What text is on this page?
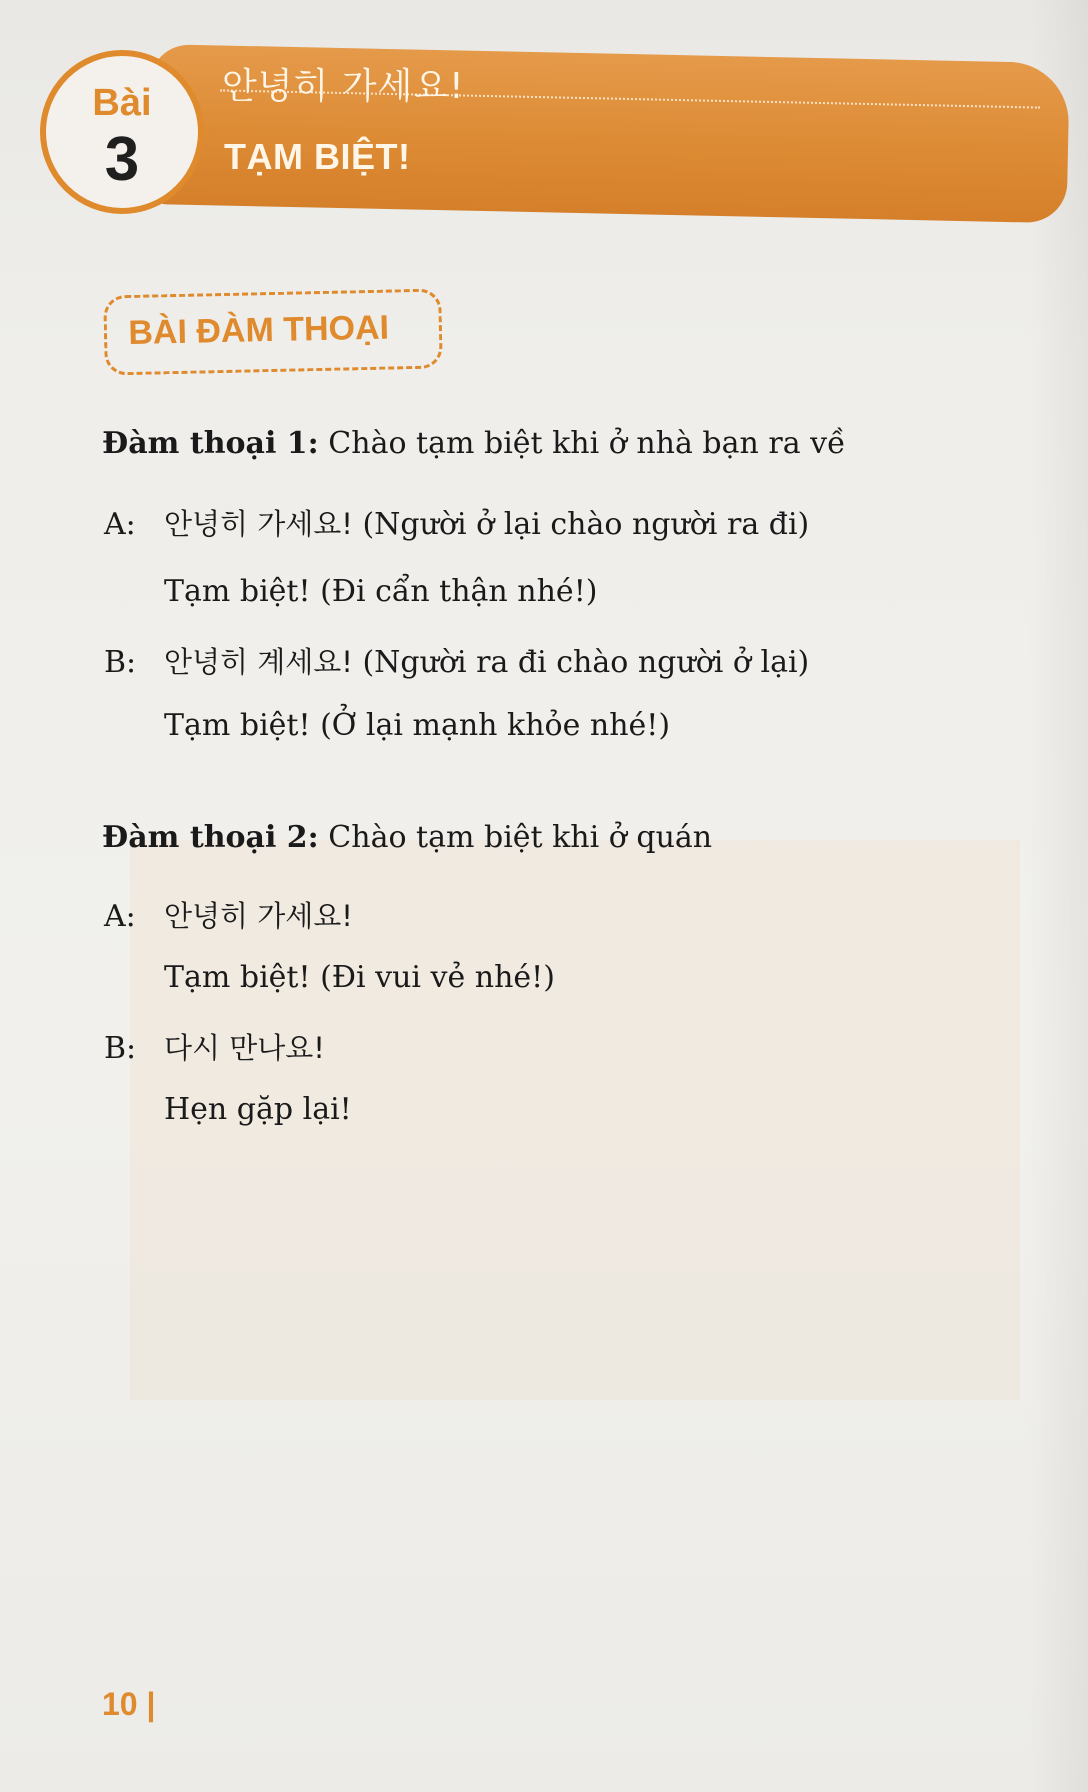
안녕히 가세요!
TẠM BIỆT!
Bài
3
BÀI ĐÀM THOẠI
Đàm thoại 1: Chào tạm biệt khi ở nhà bạn ra về
A: 안녕히 가세요! (Người ở lại chào người ra đi)
Tạm biệt! (Đi cẩn thận nhé!)
B: 안녕히 계세요! (Người ra đi chào người ở lại)
Tạm biệt! (Ở lại mạnh khỏe nhé!)
Đàm thoại 2: Chào tạm biệt khi ở quán
A: 안녕히 가세요!
Tạm biệt! (Đi vui vẻ nhé!)
B: 다시 만나요!
Hẹn gặp lại!
10 |
